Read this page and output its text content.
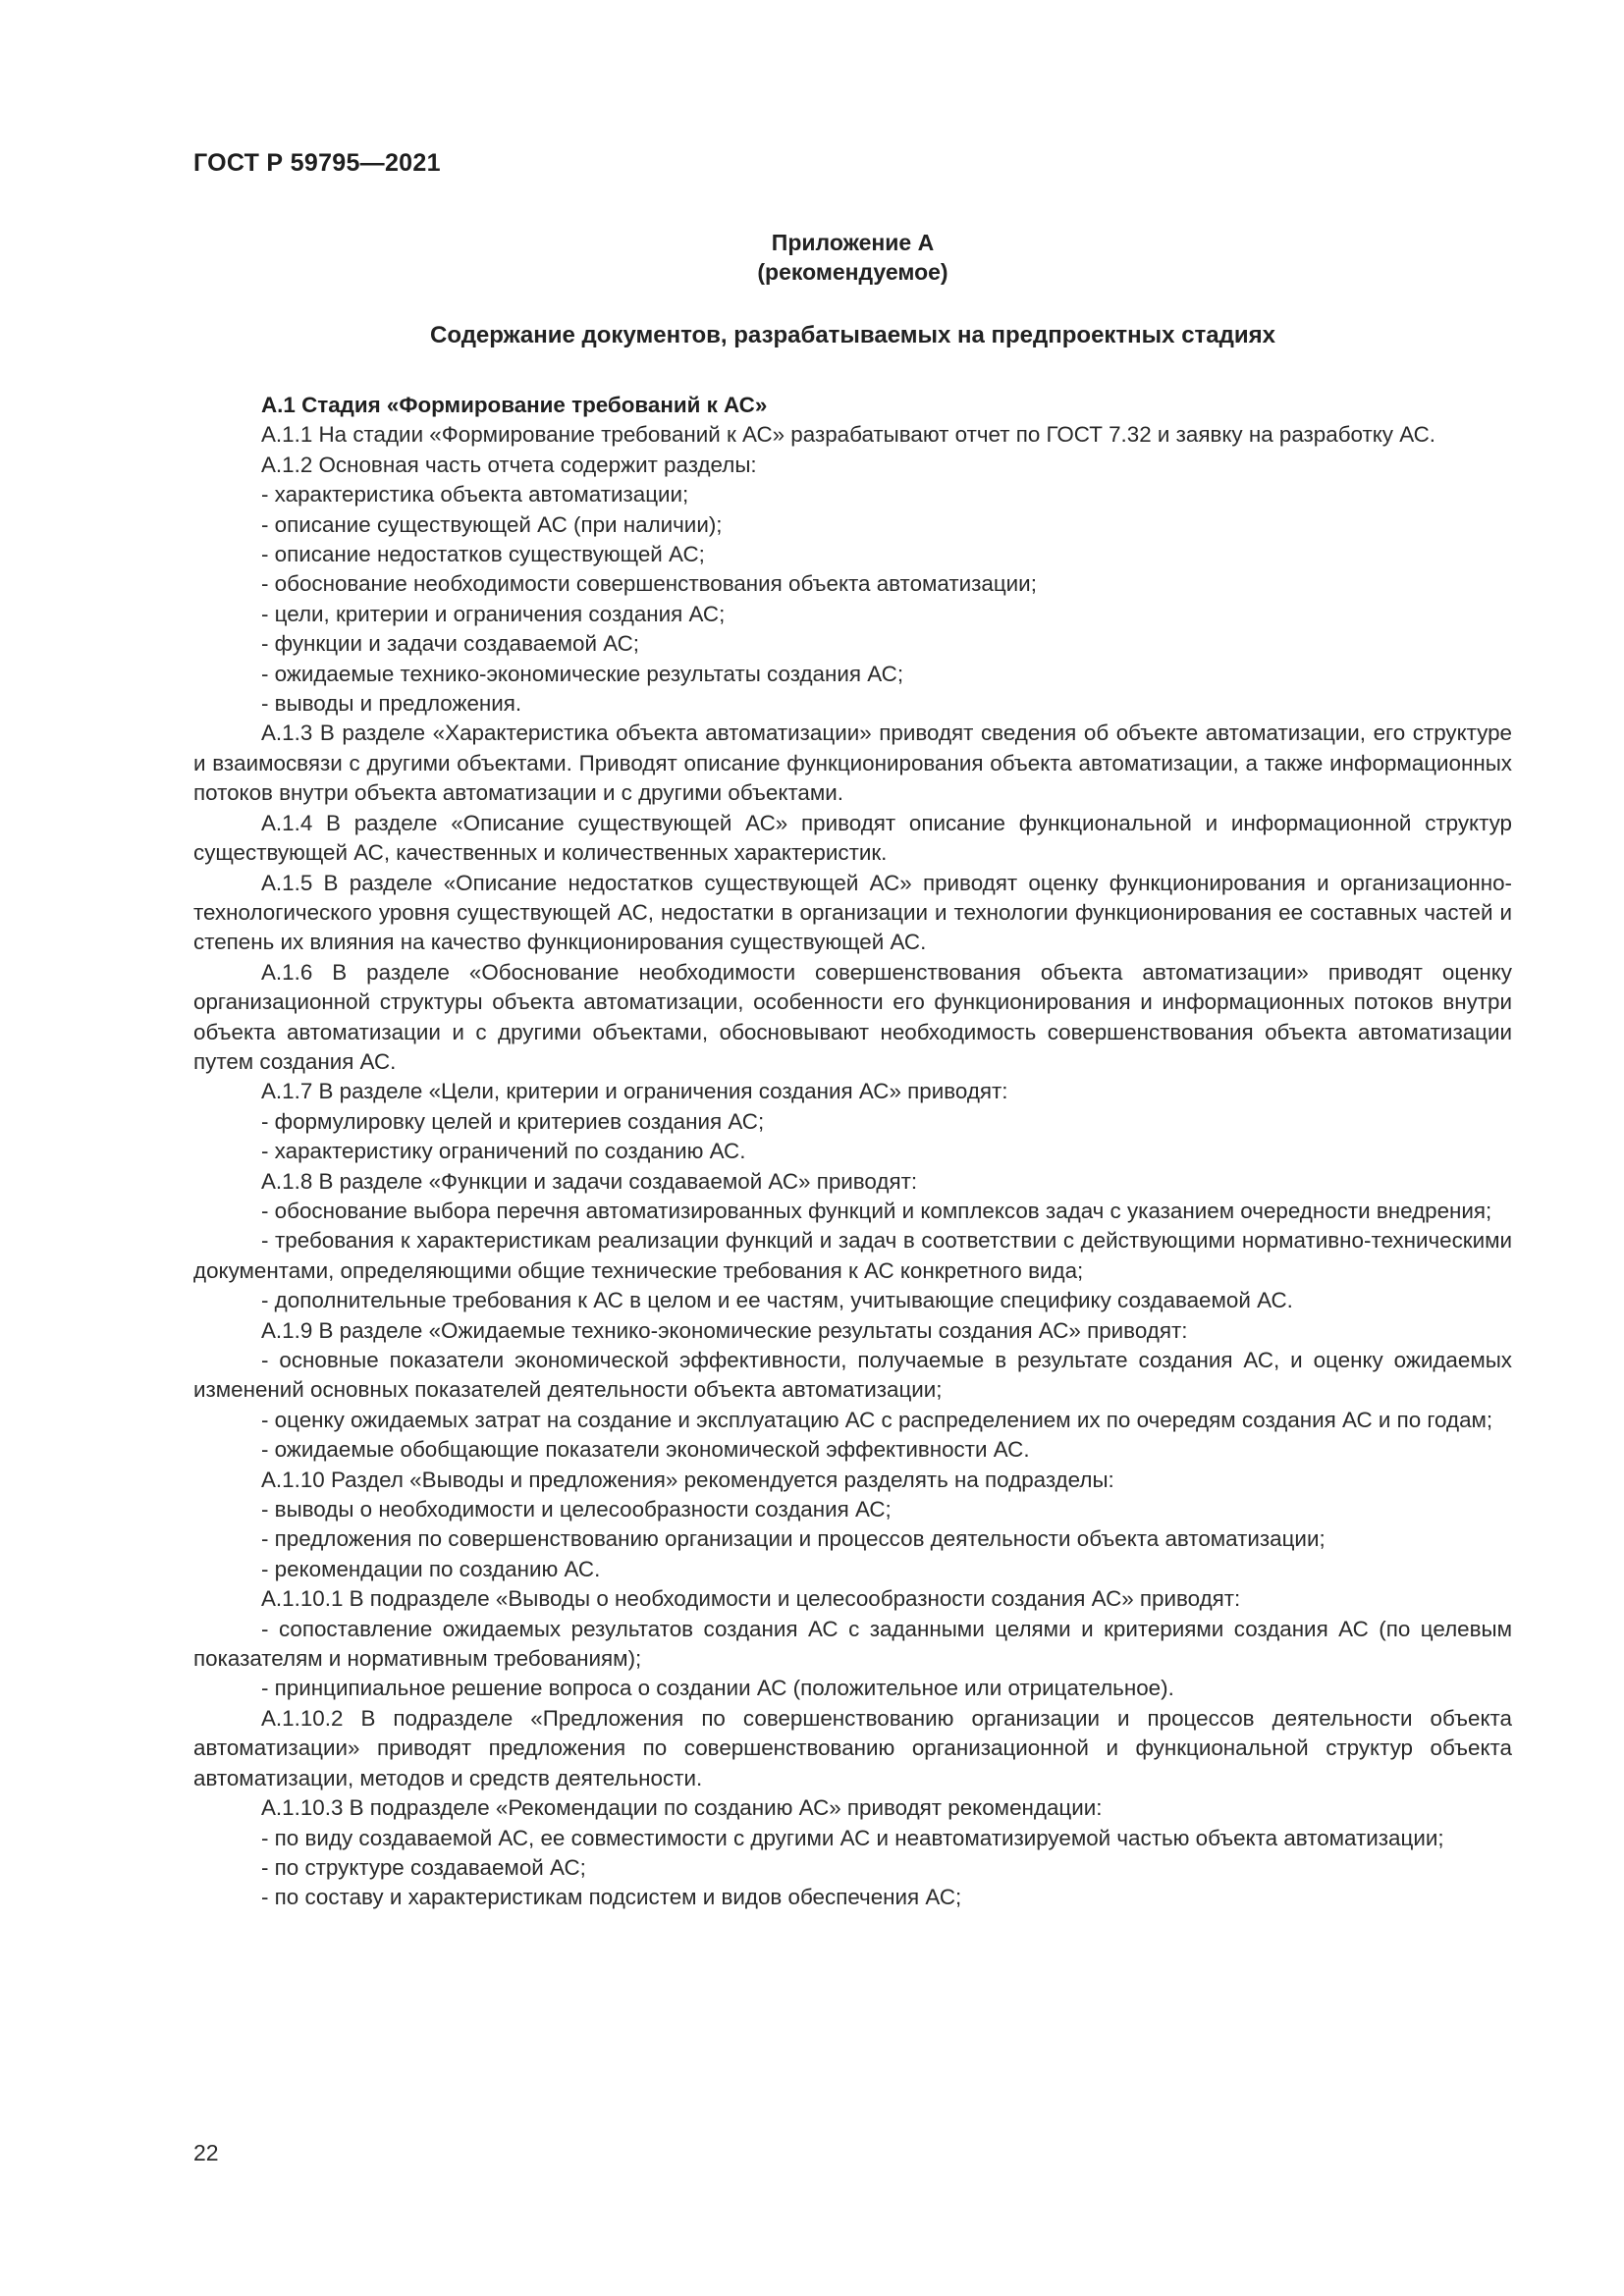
ГОСТ Р 59795—2021
Приложение А
(рекомендуемое)
Содержание документов, разрабатываемых на предпроектных стадиях

А.1 Стадия «Формирование требований к АС»

А.1.1 На стадии «Формирование требований к АС» разрабатывают отчет по ГОСТ 7.32 и заявку на разработку АС.

А.1.2 Основная часть отчета содержит разделы:

- характеристика объекта автоматизации;

- описание существующей АС (при наличии);

- описание недостатков существующей АС;

- обоснование необходимости совершенствования объекта автоматизации;

- цели, критерии и ограничения создания АС;

- функции и задачи создаваемой АС;

- ожидаемые технико-экономические результаты создания АС;

- выводы и предложения.

А.1.3 В разделе «Характеристика объекта автоматизации» приводят сведения об объекте автоматизации, его структуре и взаимосвязи с другими объектами. Приводят описание функционирования объекта автоматизации, а также информационных потоков внутри объекта автоматизации и с другими объектами.

А.1.4 В разделе «Описание существующей АС» приводят описание функциональной и информационной структур существующей АС, качественных и количественных характеристик.

А.1.5 В разделе «Описание недостатков существующей АС» приводят оценку функционирования и организационно-технологического уровня существующей АС, недостатки в организации и технологии функционирования ее составных частей и степень их влияния на качество функционирования существующей АС.

А.1.6 В разделе «Обоснование необходимости совершенствования объекта автоматизации» приводят оценку организационной структуры объекта автоматизации, особенности его функционирования и информационных потоков внутри объекта автоматизации и с другими объектами, обосновывают необходимость совершенствования объекта автоматизации путем создания АС.

А.1.7 В разделе «Цели, критерии и ограничения создания АС» приводят:

- формулировку целей и критериев создания АС;

- характеристику ограничений по созданию АС.

А.1.8 В разделе «Функции и задачи создаваемой АС» приводят:

- обоснование выбора перечня автоматизированных функций и комплексов задач с указанием очередности внедрения;

- требования к характеристикам реализации функций и задач в соответствии с действующими нормативно-техническими документами, определяющими общие технические требования к АС конкретного вида;

- дополнительные требования к АС в целом и ее частям, учитывающие специфику создаваемой АС.

А.1.9 В разделе «Ожидаемые технико-экономические результаты создания АС» приводят:

- основные показатели экономической эффективности, получаемые в результате создания АС, и оценку ожидаемых изменений основных показателей деятельности объекта автоматизации;

- оценку ожидаемых затрат на создание и эксплуатацию АС с распределением их по очередям создания АС и по годам;

- ожидаемые обобщающие показатели экономической эффективности АС.

А.1.10 Раздел «Выводы и предложения» рекомендуется разделять на подразделы:

- выводы о необходимости и целесообразности создания АС;

- предложения по совершенствованию организации и процессов деятельности объекта автоматизации;

- рекомендации по созданию АС.

А.1.10.1 В подразделе «Выводы о необходимости и целесообразности создания АС» приводят:

- сопоставление ожидаемых результатов создания АС с заданными целями и критериями создания АС (по целевым показателям и нормативным требованиям);

- принципиальное решение вопроса о создании АС (положительное или отрицательное).

А.1.10.2 В подразделе «Предложения по совершенствованию организации и процессов деятельности объекта автоматизации» приводят предложения по совершенствованию организационной и функциональной структур объекта автоматизации, методов и средств деятельности.

А.1.10.3 В подразделе «Рекомендации по созданию АС» приводят рекомендации:

- по виду создаваемой АС, ее совместимости с другими АС и неавтоматизируемой частью объекта автоматизации;

- по структуре создаваемой АС;

- по составу и характеристикам подсистем и видов обеспечения АС;

22
